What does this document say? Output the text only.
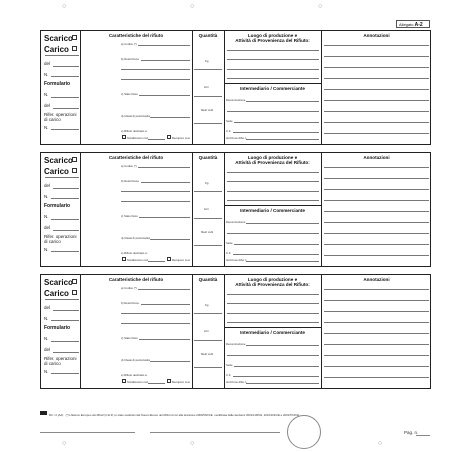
○	○	○
○	○	○
Allegato A-2
Scarico
Carico
del
N.
Formulario
N.
del
Rifer. operazioni
di carico
N.
Caratteristiche del rifiuto
a) Codice (*)
b) Descrizione
c) Stato fisico
d) Classi di pericolosità
e) Rifiuto destinato a:
Smaltimento cod.	Recupero cod.
Quantità
Kg
Litri
Metri cubi
Luogo di produzione e
Attività di Provenienza del Rifiuto:
Intermediario / Commerciante
Denominazione
Sede
C.F.
Iscrizione Albo n.
Annotazioni
Scarico
Carico
del
N.
Formulario
N.
del
Rifer. operazioni
di carico
N.
Caratteristiche del rifiuto
a) Codice (*)
b) Descrizione
c) Stato fisico
d) Classi di pericolosità
e) Rifiuto destinato a:
Smaltimento cod.	Recupero cod.
Quantità
Kg
Litri
Metri cubi
Luogo di produzione e
Attività di Provenienza del Rifiuto:
Intermediario / Commerciante
Denominazione
Sede
C.F.
Iscrizione Albo n.
Annotazioni
Scarico
Carico
del
N.
Formulario
N.
del
Rifer. operazioni
di carico
N.
Caratteristiche del rifiuto
a) Codice (*)
b) Descrizione
c) Stato fisico
d) Classi di pericolosità
e) Rifiuto destinato a:
Smaltimento cod.	Recupero cod.
Quantità
Kg
Litri
Metri cubi
Luogo di produzione e
Attività di Provenienza del Rifiuto:
Intermediario / Commerciante
Denominazione
Sede
C.F.
Iscrizione Albo n.
Annotazioni
RC / 2 (AA) (*) L'Elenco Europeo dei Rifiuti (C.E.R.) è stato sostituito dal Nuovo Elenco dei Rifiuti di cui alla decisione 2000/532/CE, modificata dalle decisioni 2001/118/CE, 2001/119/CE e 2001/573/CE
Pag. n.
